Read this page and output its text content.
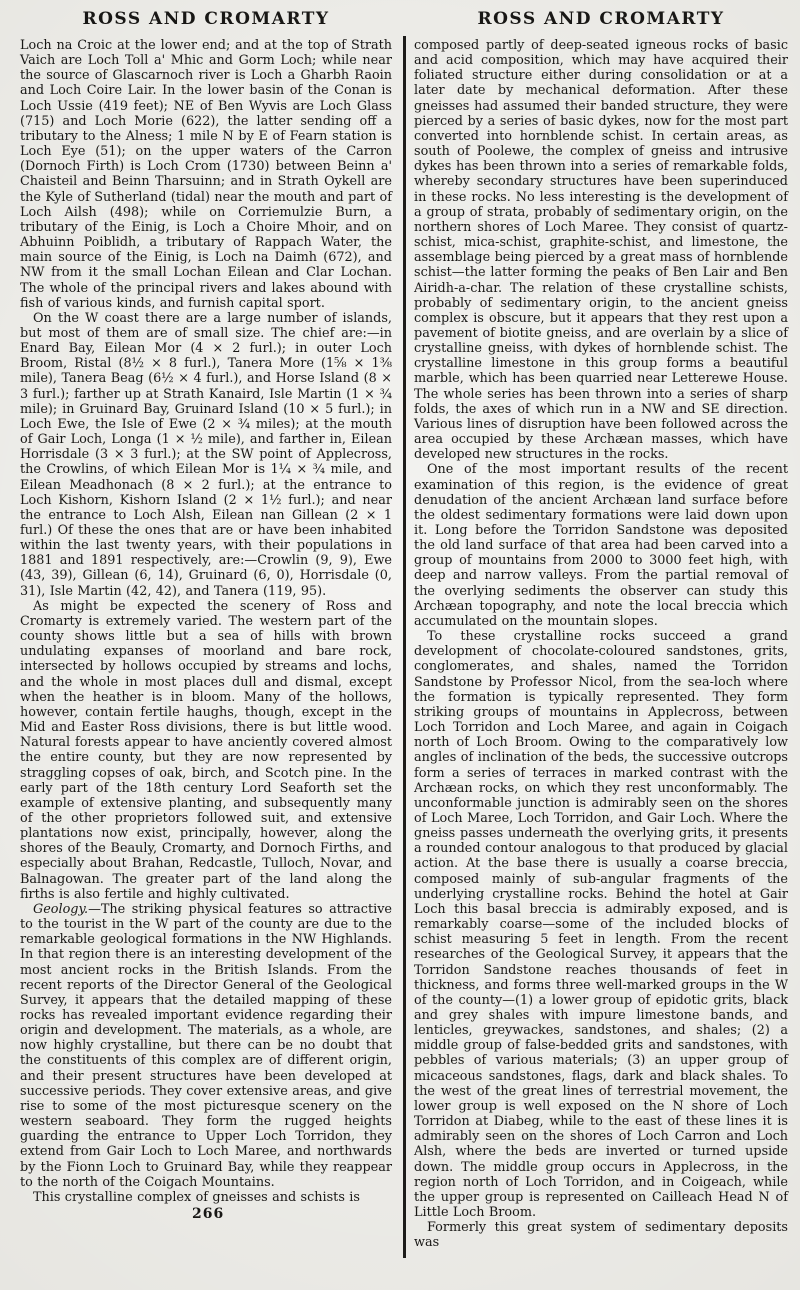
ROSS AND CROMARTY

Loch na Croic at the lower end; and at the top of Strath Vaich are Loch Toll a' Mhic and Gorm Loch; while near the source of Glascarnoch river is Loch a Gharbh Raoin and Loch Coire Lair. In the lower basin of the Conan is Loch Ussie (419 feet); NE of Ben Wyvis are Loch Glass (715) and Loch Morie (622), the latter sending off a tributary to the Alness; 1 mile N by E of Fearn station is Loch Eye (51); on the upper waters of the Carron (Dornoch Firth) is Loch Crom (1730) between Beinn a' Chaisteil and Beinn Tharsuinn; and in Strath Oykell are the Kyle of Sutherland (tidal) near the mouth and part of Loch Ailsh (498); while on Corriemulzie Burn, a tributary of the Einig, is Loch a Choire Mhoir, and on Abhuinn Poiblidh, a tributary of Rappach Water, the main source of the Einig, is Loch na Daimh (672), and NW from it the small Lochan Eilean and Clar Lochan. The whole of the principal rivers and lakes abound with fish of various kinds, and furnish capital sport.

On the W coast there are a large number of islands, but most of them are of small size. The chief are:—in Enard Bay, Eilean Mor (4 × 2 furl.); in outer Loch Broom, Ristal (8½ × 8 furl.), Tanera More (1⅝ × 1⅜ mile), Tanera Beag (6½ × 4 furl.), and Horse Island (8 × 3 furl.); farther up at Strath Kanaird, Isle Martin (1 × ¾ mile); in Gruinard Bay, Gruinard Island (10 × 5 furl.); in Loch Ewe, the Isle of Ewe (2 × ¾ miles); at the mouth of Gair Loch, Longa (1 × ½ mile), and farther in, Eilean Horrisdale (3 × 3 furl.); at the SW point of Applecross, the Crowlins, of which Eilean Mor is 1¼ × ¾ mile, and Eilean Meadhonach (8 × 2 furl.); at the entrance to Loch Kishorn, Kishorn Island (2 × 1½ furl.); and near the entrance to Loch Alsh, Eilean nan Gillean (2 × 1 furl.) Of these the ones that are or have been inhabited within the last twenty years, with their populations in 1881 and 1891 respectively, are:—Crowlin (9, 9), Ewe (43, 39), Gillean (6, 14), Gruinard (6, 0), Horrisdale (0, 31), Isle Martin (42, 42), and Tanera (119, 95).

As might be expected the scenery of Ross and Cromarty is extremely varied. The western part of the county shows little but a sea of hills with brown undulating expanses of moorland and bare rock, intersected by hollows occupied by streams and lochs, and the whole in most places dull and dismal, except when the heather is in bloom. Many of the hollows, however, contain fertile haughs, though, except in the Mid and Easter Ross divisions, there is but little wood. Natural forests appear to have anciently covered almost the entire county, but they are now represented by straggling copses of oak, birch, and Scotch pine. In the early part of the 18th century Lord Seaforth set the example of extensive planting, and subsequently many of the other proprietors followed suit, and extensive plantations now exist, principally, however, along the shores of the Beauly, Cromarty, and Dornoch Firths, and especially about Brahan, Redcastle, Tulloch, Novar, and Balnagowan. The greater part of the land along the firths is also fertile and highly cultivated.

Geology.—The striking physical features so attractive to the tourist in the W part of the county are due to the remarkable geological formations in the NW Highlands. In that region there is an interesting development of the most ancient rocks in the British Islands. From the recent reports of the Director General of the Geological Survey, it appears that the detailed mapping of these rocks has revealed important evidence regarding their origin and development. The materials, as a whole, are now highly crystalline, but there can be no doubt that the constituents of this complex are of different origin, and their present structures have been developed at successive periods. They cover extensive areas, and give rise to some of the most picturesque scenery on the western seaboard. They form the rugged heights guarding the entrance to Upper Loch Torridon, they extend from Gair Loch to Loch Maree, and northwards by the Fionn Loch to Gruinard Bay, while they reappear to the north of the Coigach Mountains.

This crystalline complex of gneisses and schists is

266
ROSS AND CROMARTY

composed partly of deep-seated igneous rocks of basic and acid composition, which may have acquired their foliated structure either during consolidation or at a later date by mechanical deformation. After these gneisses had assumed their banded structure, they were pierced by a series of basic dykes, now for the most part converted into hornblende schist. In certain areas, as south of Poolewe, the complex of gneiss and intrusive dykes has been thrown into a series of remarkable folds, whereby secondary structures have been superinduced in these rocks. No less interesting is the development of a group of strata, probably of sedimentary origin, on the northern shores of Loch Maree. They consist of quartz-schist, mica-schist, graphite-schist, and limestone, the assemblage being pierced by a great mass of hornblende schist—the latter forming the peaks of Ben Lair and Ben Airidh-a-char. The relation of these crystalline schists, probably of sedimentary origin, to the ancient gneiss complex is obscure, but it appears that they rest upon a pavement of biotite gneiss, and are overlain by a slice of crystalline gneiss, with dykes of hornblende schist. The crystalline limestone in this group forms a beautiful marble, which has been quarried near Letterewe House. The whole series has been thrown into a series of sharp folds, the axes of which run in a NW and SE direction. Various lines of disruption have been followed across the area occupied by these Archæan masses, which have developed new structures in the rocks.

One of the most important results of the recent examination of this region, is the evidence of great denudation of the ancient Archæan land surface before the oldest sedimentary formations were laid down upon it. Long before the Torridon Sandstone was deposited the old land surface of that area had been carved into a group of mountains from 2000 to 3000 feet high, with deep and narrow valleys. From the partial removal of the overlying sediments the observer can study this Archæan topography, and note the local breccia which accumulated on the mountain slopes.

To these crystalline rocks succeed a grand development of chocolate-coloured sandstones, grits, conglomerates, and shales, named the Torridon Sandstone by Professor Nicol, from the sea-loch where the formation is typically represented. They form striking groups of mountains in Applecross, between Loch Torridon and Loch Maree, and again in Coigach north of Loch Broom. Owing to the comparatively low angles of inclination of the beds, the successive outcrops form a series of terraces in marked contrast with the Archæan rocks, on which they rest unconformably. The unconformable junction is admirably seen on the shores of Loch Maree, Loch Torridon, and Gair Loch. Where the gneiss passes underneath the overlying grits, it presents a rounded contour analogous to that produced by glacial action. At the base there is usually a coarse breccia, composed mainly of sub-angular fragments of the underlying crystalline rocks. Behind the hotel at Gair Loch this basal breccia is admirably exposed, and is remarkably coarse—some of the included blocks of schist measuring 5 feet in length. From the recent researches of the Geological Survey, it appears that the Torridon Sandstone reaches thousands of feet in thickness, and forms three well-marked groups in the W of the county—(1) a lower group of epidotic grits, black and grey shales with impure limestone bands, and lenticles, greywackes, sandstones, and shales; (2) a middle group of false-bedded grits and sandstones, with pebbles of various materials; (3) an upper group of micaceous sandstones, flags, dark and black shales. To the west of the great lines of terrestrial movement, the lower group is well exposed on the N shore of Loch Torridon at Diabeg, while to the east of these lines it is admirably seen on the shores of Loch Carron and Loch Alsh, where the beds are inverted or turned upside down. The middle group occurs in Applecross, in the region north of Loch Torridon, and in Coigeach, while the upper group is represented on Cailleach Head N of Little Loch Broom.

Formerly this great system of sedimentary deposits was
